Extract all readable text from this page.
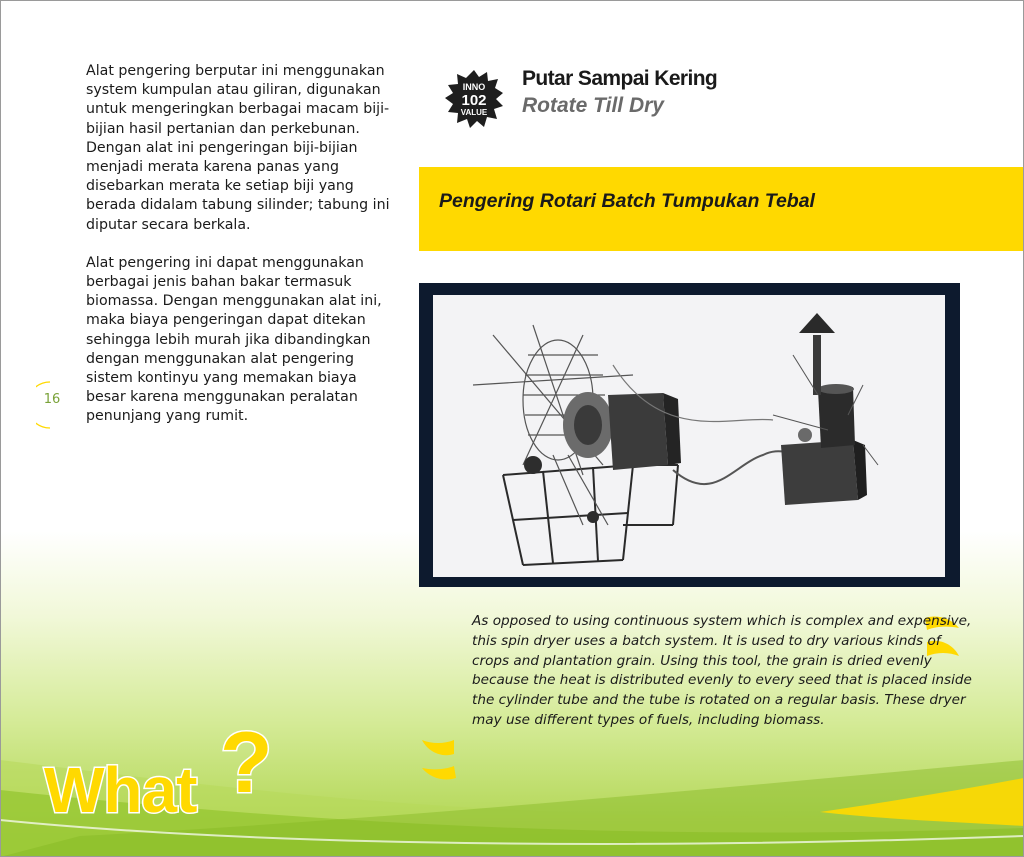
Alat pengering berputar ini menggunakan system kumpulan atau giliran, digunakan untuk mengeringkan berbagai macam biji-bijian hasil pertanian dan perkebunan. Dengan alat ini pengeringan biji-bijian menjadi merata karena panas yang disebarkan merata ke setiap biji yang berada didalam tabung silinder; tabung ini diputar secara berkala.

Alat pengering ini dapat menggunakan berbagai jenis bahan bakar termasuk biomassa. Dengan menggunakan alat ini, maka biaya pengeringan dapat ditekan sehingga lebih murah jika dibandingkan dengan menggunakan alat pengering sistem kontinyu yang memakan biaya besar karena menggunakan peralatan penunjang yang rumit.

16
INNO
102
VALUE
Putar Sampai Kering
Rotate Till Dry
Pengering Rotari Batch Tumpukan Tebal
As opposed to using continuous system which is complex and expensive, this spin dryer uses a batch system. It is used to dry various kinds of crops and plantation grain. Using this tool, the grain is dried evenly because the heat is distributed evenly to every seed that is placed inside the cylinder tube and the tube is rotated on a regular basis. These dryer may use different types of fuels, including biomass.
What ?
